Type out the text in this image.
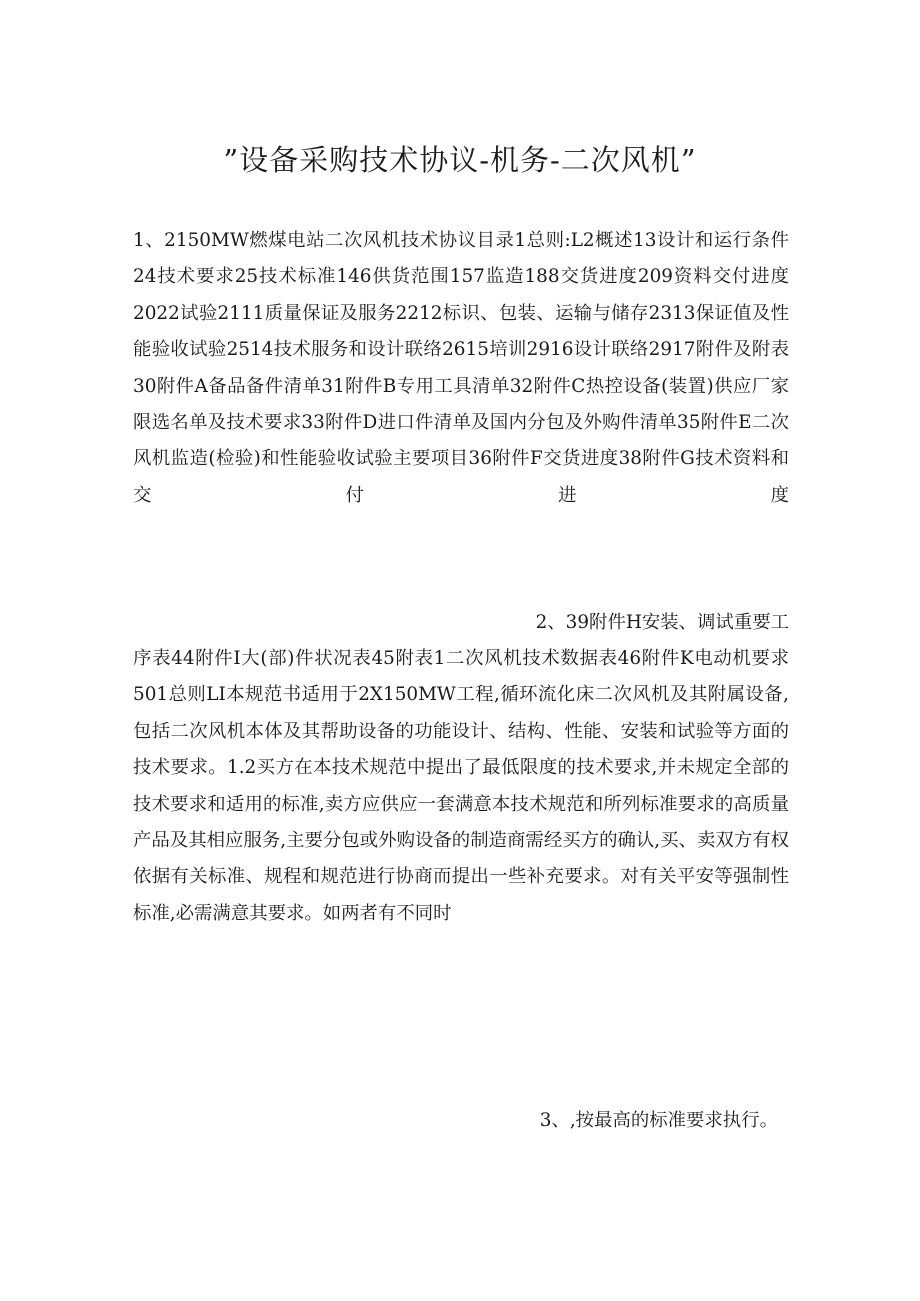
”设备采购技术协议-机务-二次风机”
1、2150MW燃煤电站二次风机技术协议目录1总则:L2概述13设计和运行条件24技术要求25技术标准146供货范围157监造188交货进度209资料交付进度2022试验2111质量保证及服务2212标识、包装、运输与储存2313保证值及性能验收试验2514技术服务和设计联络2615培训2916设计联络2917附件及附表30附件A备品备件清单31附件B专用工具清单32附件C热控设备(装置)供应厂家限选名单及技术要求33附件D进口件清单及国内分包及外购件清单35附件E二次风机监造(检验)和性能验收试验主要项目36附件F交货进度38附件G技术资料和交付进度
2、39附件H安装、调试重要工
序表44附件I大(部)件状况表45附表1二次风机技术数据表46附件K电动机要求501总则LI本规范书适用于2X150MW工程,循环流化床二次风机及其附属设备,包括二次风机本体及其帮助设备的功能设计、结构、性能、安装和试验等方面的技术要求。1.2买方在本技术规范中提出了最低限度的技术要求,并未规定全部的技术要求和适用的标准,卖方应供应一套满意本技术规范和所列标准要求的高质量产品及其相应服务,主要分包或外购设备的制造商需经买方的确认,买、卖双方有权依据有关标准、规程和规范进行协商而提出一些补充要求。对有关平安等强制性标准,必需满意其要求。如两者有不同时
3、,按最高的标准要求执行。
